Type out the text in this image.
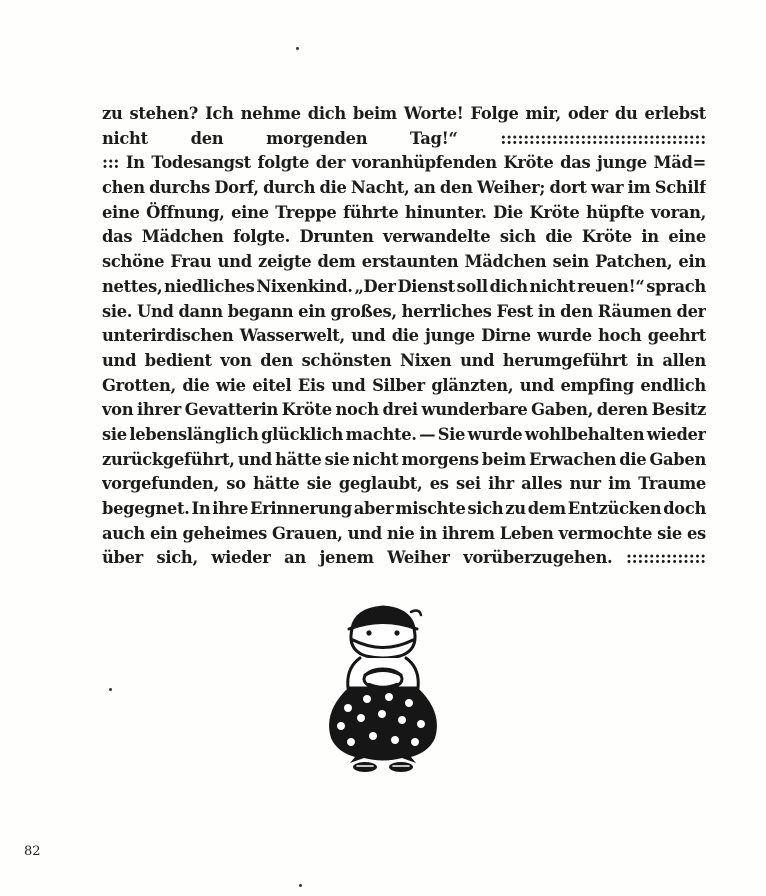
zu stehen? Ich nehme dich beim Worte! Folge mir, oder du erlebst
nicht	den	morgenden	Tag!“	::::::::::::::::::::::::::::::::::::
::: In Todesangst folgte der voranhüpfenden Kröte das junge Mäd=
chen durchs Dorf, durch die Nacht, an den Weiher; dort war im Schilf
eine Öffnung, eine Treppe führte hinunter. Die Kröte hüpfte voran,
das Mädchen folgte. Drunten verwandelte sich die Kröte in eine
schöne Frau und zeigte dem erstaunten Mädchen sein Patchen, ein
nettes, niedliches Nixenkind. „Der Dienst soll dich nicht reuen!“ sprach
sie. Und dann begann ein großes, herrliches Fest in den Räumen der
unterirdischen Wasserwelt, und die junge Dirne wurde hoch geehrt
und bedient von den schönsten Nixen und herumgeführt in allen
Grotten, die wie eitel Eis und Silber glänzten, und empfing endlich
von ihrer Gevatterin Kröte noch drei wunderbare Gaben, deren Besitz
sie lebenslänglich glücklich machte. — Sie wurde wohlbehalten wieder
zurückgeführt, und hätte sie nicht morgens beim Erwachen die Gaben
vorgefunden, so hätte sie geglaubt, es sei ihr alles nur im Traume
begegnet. In ihre Erinnerung aber mischte sich zu dem Entzücken doch
auch ein geheimes Grauen, und nie in ihrem Leben vermochte sie es
über sich, wieder an jenem Weiher vorüberzugehen. ::::::::::::::
82
